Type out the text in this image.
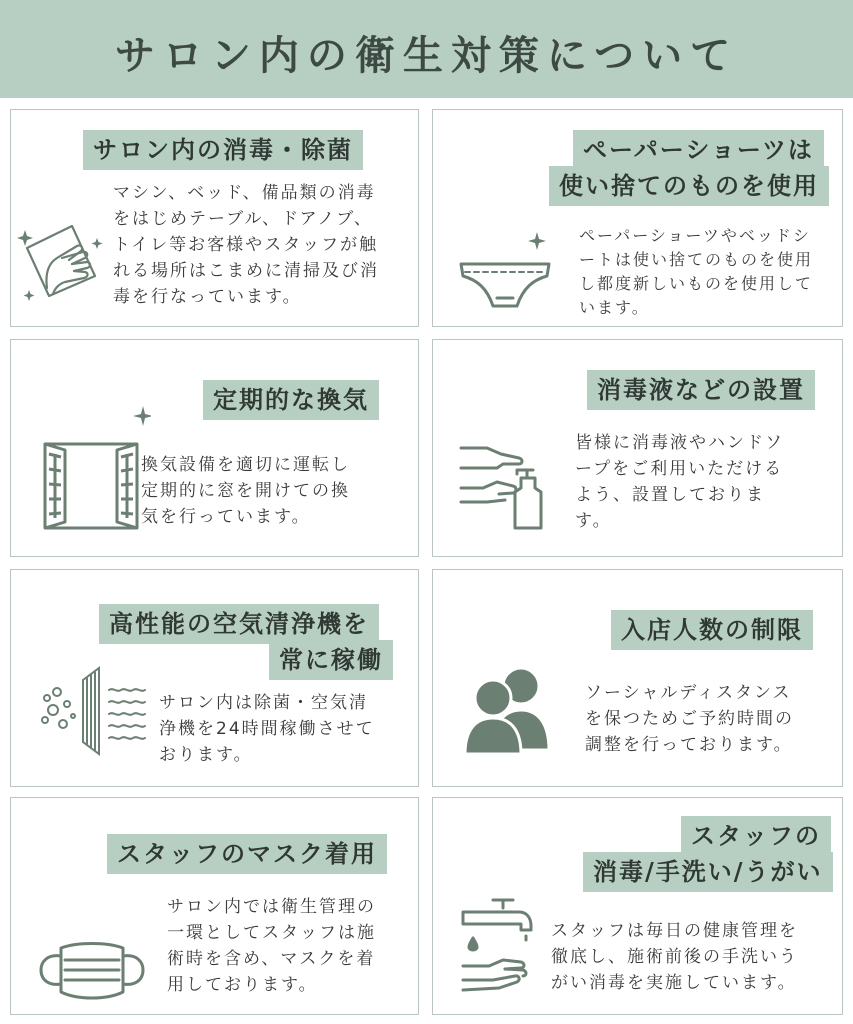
サロン内の衛生対策について
サロン内の消毒・除菌
マシン、ベッド、備品類の消毒
をはじめテーブル、ドアノブ、
トイレ等お客様やスタッフが触
れる場所はこまめに清掃及び消
毒を行なっています。
ペーパーショーツは
使い捨てのものを使用
ペーパーショーツやベッドシ
ートは使い捨てのものを使用
し都度新しいものを使用して
います。
定期的な換気
換気設備を適切に運転し
定期的に窓を開けての換
気を行っています。
消毒液などの設置
皆様に消毒液やハンドソ
ープをご利用いただける
よう、設置しておりま
す。
高性能の空気清浄機を
常に稼働
サロン内は除菌・空気清
浄機を24時間稼働させて
おります。
入店人数の制限
ソーシャルディスタンス
を保つためご予約時間の
調整を行っております。
スタッフのマスク着用
サロン内では衛生管理の
一環としてスタッフは施
術時を含め、マスクを着
用しております。
スタッフの
消毒/手洗い/うがい
スタッフは毎日の健康管理を
徹底し、施術前後の手洗いう
がい消毒を実施しています。
